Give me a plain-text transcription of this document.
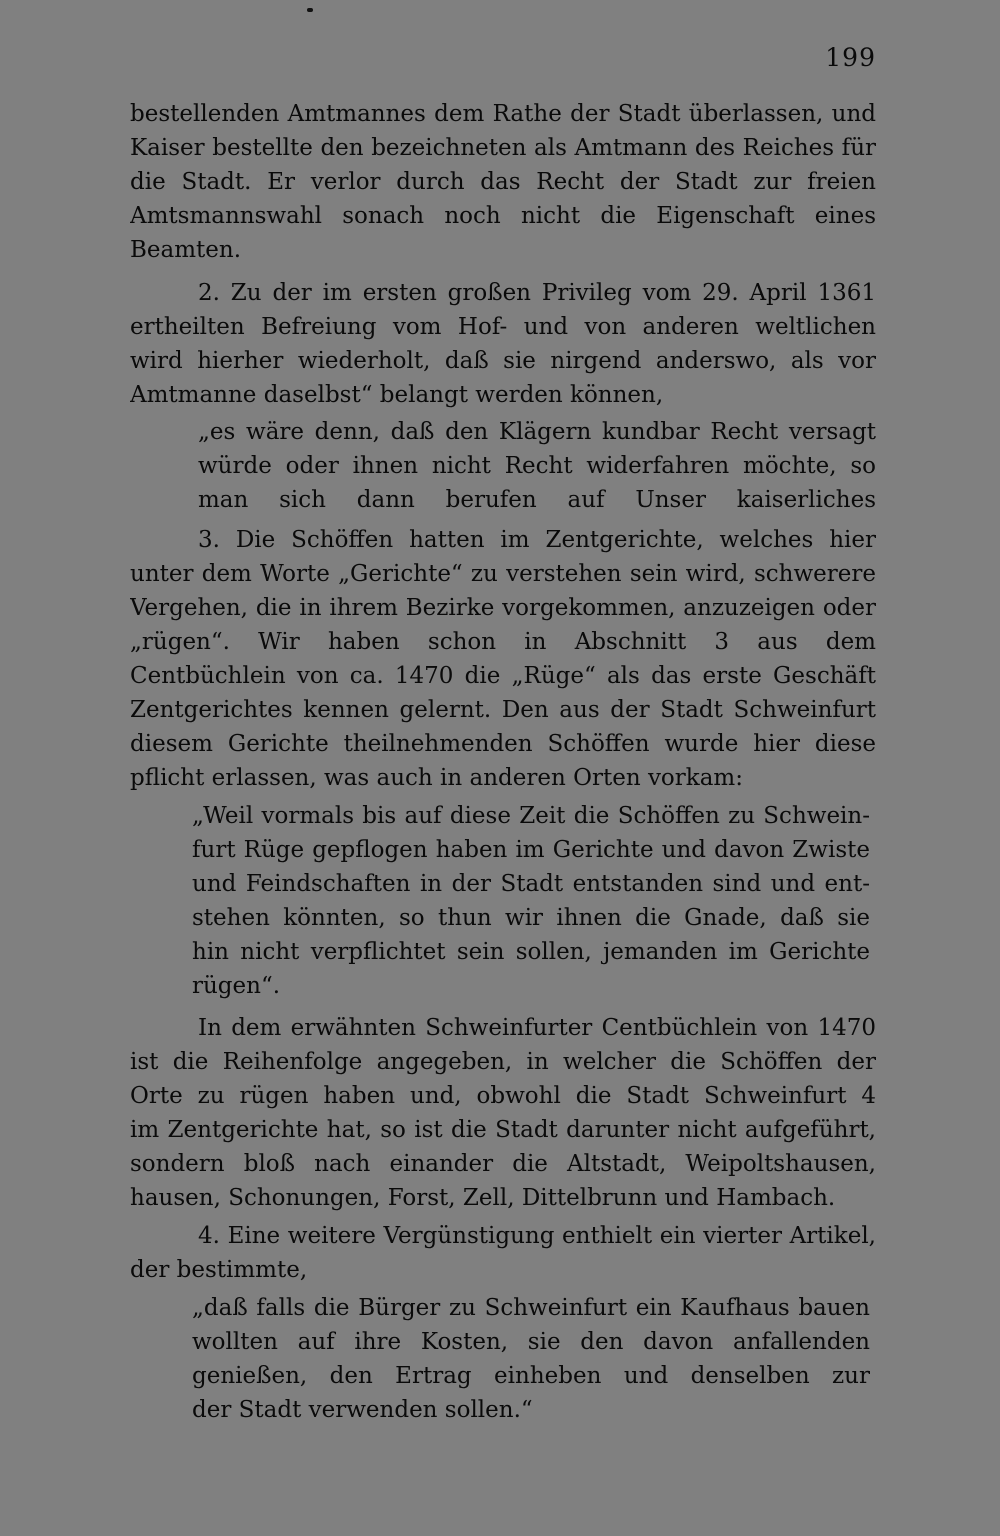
199
bestellenden Amtmannes dem Rathe der Stadt überlassen, und
Kaiser bestellte den bezeichneten als Amtmann des Reiches für
die Stadt. Er verlor durch das Recht der Stadt zur freien
Amtsmannswahl sonach noch nicht die Eigenschaft eines
Beamten.
2. Zu der im ersten großen Privileg vom 29. April 1361
ertheilten Befreiung vom Hof- und von anderen weltlichen
wird hierher wiederholt, daß sie nirgend anderswo, als vor
Amtmanne daselbst“ belangt werden können,
„es wäre denn, daß den Klägern kundbar Recht versagt
würde oder ihnen nicht Recht widerfahren möchte, so
man sich dann berufen auf Unser kaiserliches
3. Die Schöffen hatten im Zentgerichte, welches hier
unter dem Worte „Gerichte“ zu verstehen sein wird, schwerere
Vergehen, die in ihrem Bezirke vorgekommen, anzuzeigen oder
„rügen“. Wir haben schon in Abschnitt 3 aus dem
Centbüchlein von ca. 1470 die „Rüge“ als das erste Geschäft
Zentgerichtes kennen gelernt. Den aus der Stadt Schweinfurt
diesem Gerichte theilnehmenden Schöffen wurde hier diese
pflicht erlassen, was auch in anderen Orten vorkam:
„Weil vormals bis auf diese Zeit die Schöffen zu Schwein-
furt Rüge gepflogen haben im Gerichte und davon Zwiste
und Feindschaften in der Stadt entstanden sind und ent-
stehen könnten, so thun wir ihnen die Gnade, daß sie
hin nicht verpflichtet sein sollen, jemanden im Gerichte
rügen“.
In dem erwähnten Schweinfurter Centbüchlein von 1470
ist die Reihenfolge angegeben, in welcher die Schöffen der
Orte zu rügen haben und, obwohl die Stadt Schweinfurt 4
im Zentgerichte hat, so ist die Stadt darunter nicht aufgeführt,
sondern bloß nach einander die Altstadt, Weipoltshausen,
hausen, Schonungen, Forst, Zell, Dittelbrunn und Hambach.
4. Eine weitere Vergünstigung enthielt ein vierter Artikel,
der bestimmte,
„daß falls die Bürger zu Schweinfurt ein Kaufhaus bauen
wollten auf ihre Kosten, sie den davon anfallenden
genießen, den Ertrag einheben und denselben zur
der Stadt verwenden sollen.“
